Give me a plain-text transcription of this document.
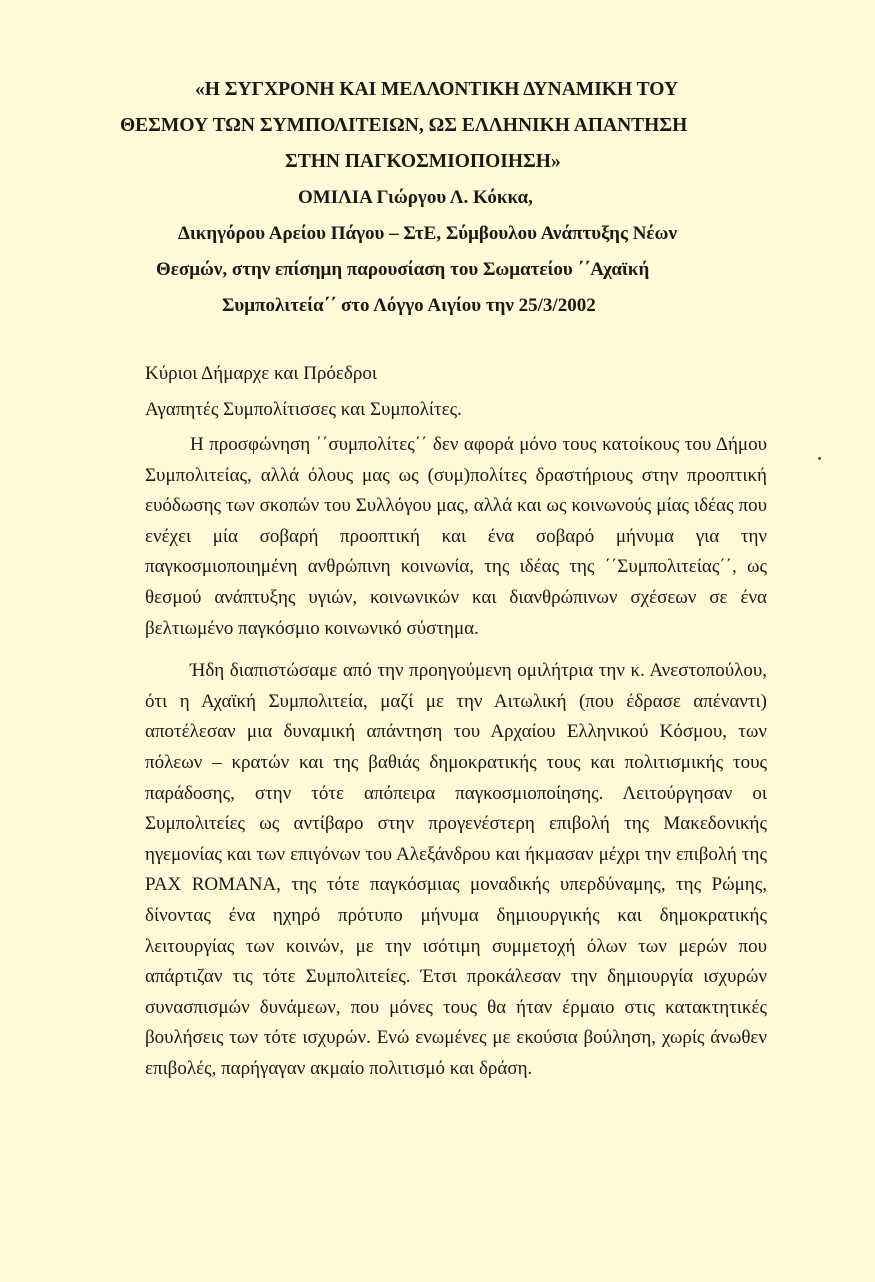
«Η ΣΥΓΧΡΟΝΗ ΚΑΙ ΜΕΛΛΟΝΤΙΚΗ ΔΥΝΑΜΙΚΗ ΤΟΥ
ΘΕΣΜΟΥ ΤΩΝ ΣΥΜΠΟΛΙΤΕΙΩΝ, ΩΣ ΕΛΛΗΝΙΚΗ ΑΠΑΝΤΗΣΗ
ΣΤΗΝ ΠΑΓΚΟΣΜΙΟΠΟΙΗΣΗ»
ΟΜΙΛΙΑ Γιώργου Λ. Κόκκα,
Δικηγόρου Αρείου Πάγου – ΣτΕ, Σύμβουλου Ανάπτυξης Νέων
Θεσμών, στην επίσημη παρουσίαση του Σωματείου ΄΄Αχαϊκή
Συμπολιτεία΄΄ στο Λόγγο Αιγίου την 25/3/2002
Κύριοι Δήμαρχε και Πρόεδροι
Αγαπητές Συμπολίτισσες και Συμπολίτες.

Η προσφώνηση ΄΄συμπολίτες΄΄ δεν αφορά μόνο τους κατοίκους του Δήμου Συμπολιτείας, αλλά όλους μας ως (συμ)πολίτες δραστήριους στην προοπτική ευόδωσης των σκοπών του Συλλόγου μας, αλλά και ως κοινωνούς μίας ιδέας που ενέχει μία σοβαρή προοπτική και ένα σοβαρό μήνυμα για την παγκοσμιοποιημένη ανθρώπινη κοινωνία, της ιδέας της ΄΄Συμπολιτείας΄΄, ως θεσμού ανάπτυξης υγιών, κοινωνικών και διανθρώπινων σχέσεων σε ένα βελτιωμένο παγκόσμιο κοινωνικό σύστημα.

Ήδη διαπιστώσαμε από την προηγούμενη ομιλήτρια την κ. Ανεστοπούλου, ότι η Αχαϊκή Συμπολιτεία, μαζί με την Αιτωλική (που έδρασε απέναντι) αποτέλεσαν μια δυναμική απάντηση του Αρχαίου Ελληνικού Κόσμου, των πόλεων – κρατών και της βαθιάς δημοκρατικής τους και πολιτισμικής τους παράδοσης, στην τότε απόπειρα παγκοσμιοποίησης. Λειτούργησαν οι Συμπολιτείες ως αντίβαρο στην προγενέστερη επιβολή της Μακεδονικής ηγεμονίας και των επιγόνων του Αλεξάνδρου και ήκμασαν μέχρι την επιβολή της PAX ROMANA, της τότε παγκόσμιας μοναδικής υπερδύναμης, της Ρώμης, δίνοντας ένα ηχηρό πρότυπο μήνυμα δημιουργικής και δημοκρατικής λειτουργίας των κοινών, με την ισότιμη συμμετοχή όλων των μερών που απάρτιζαν τις τότε Συμπολιτείες. Έτσι προκάλεσαν την δημιουργία ισχυρών συνασπισμών δυνάμεων, που μόνες τους θα ήταν έρμαιο στις κατακτητικές βουλήσεις των τότε ισχυρών. Ενώ ενωμένες με εκούσια βούληση, χωρίς άνωθεν επιβολές, παρήγαγαν ακμαίο πολιτισμό και δράση.
